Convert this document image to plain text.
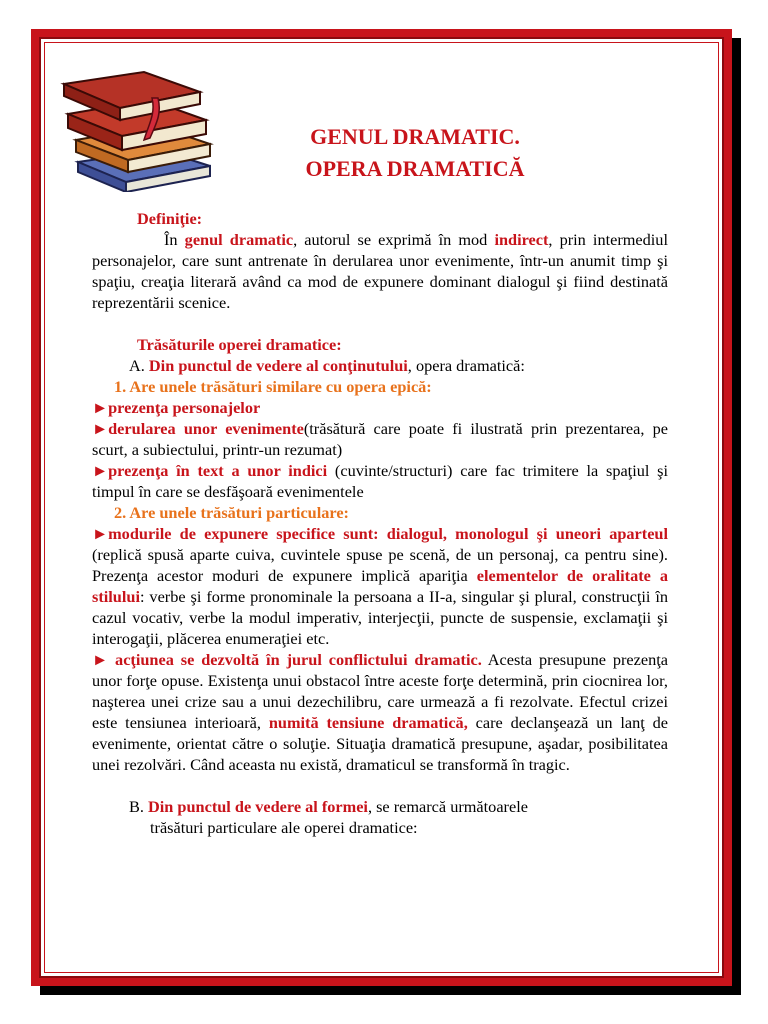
GENUL DRAMATIC.
OPERA DRAMATICĂ

Definiţie:

În genul dramatic, autorul se exprimă în mod indirect, prin intermediul personajelor, care sunt antrenate în derularea unor evenimente, într-un anumit timp şi spaţiu, creaţia literară având ca mod de expunere dominant dialogul şi fiind destinată reprezentării scenice.

Trăsăturile operei dramatice:

A. Din punctul de vedere al conţinutului, opera dramatică:

1. Are unele trăsături similare cu opera epică:

►prezenţa personajelor

►derularea unor evenimente(trăsătură care poate fi ilustrată prin prezentarea, pe scurt, a subiectului, printr-un rezumat)

►prezenţa în text a unor indici (cuvinte/structuri) care fac trimitere la spaţiul şi timpul în care se desfăşoară evenimentele

2. Are unele trăsături particulare:

►modurile de expunere specifice sunt: dialogul, monologul şi uneori aparteul (replică spusă aparte cuiva, cuvintele spuse pe scenă, de un personaj, ca pentru sine). Prezenţa acestor moduri de expunere implică apariţia elementelor de oralitate a stilului: verbe şi forme pronominale la persoana a II-a, singular şi plural, construcţii în cazul vocativ, verbe la modul imperativ, interjecţii, puncte de suspensie, exclamaţii şi interogaţii, plăcerea enumeraţiei etc.

► acţiunea se dezvoltă în jurul conflictului dramatic. Acesta presupune prezenţa unor forţe opuse. Existenţa unui obstacol între aceste forţe determină, prin ciocnirea lor, naşterea unei crize sau a unui dezechilibru, care urmează a fi rezolvate. Efectul crizei este tensiunea interioară, numită tensiune dramatică, care declanşează un lanţ de evenimente, orientat către o soluţie. Situaţia dramatică presupune, aşadar, posibilitatea unei rezolvări. Când aceasta nu există, dramaticul se transformă în tragic.

B. Din punctul de vedere al formei, se remarcă următoarele

trăsături particulare ale operei dramatice:
